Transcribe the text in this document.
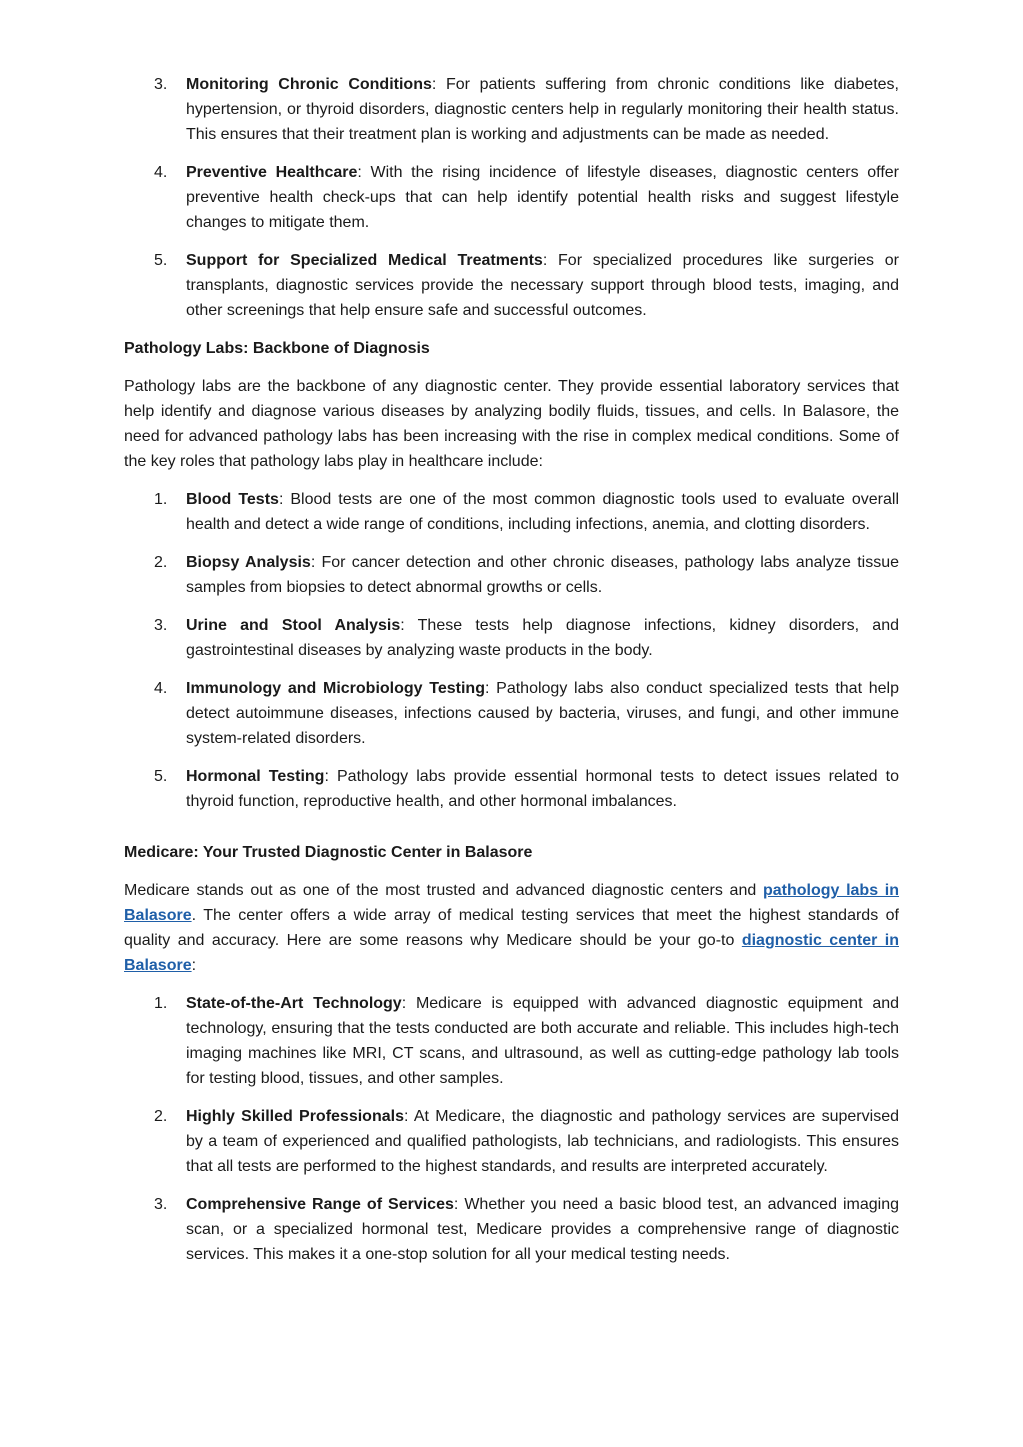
3. Monitoring Chronic Conditions: For patients suffering from chronic conditions like diabetes, hypertension, or thyroid disorders, diagnostic centers help in regularly monitoring their health status. This ensures that their treatment plan is working and adjustments can be made as needed.
4. Preventive Healthcare: With the rising incidence of lifestyle diseases, diagnostic centers offer preventive health check-ups that can help identify potential health risks and suggest lifestyle changes to mitigate them.
5. Support for Specialized Medical Treatments: For specialized procedures like surgeries or transplants, diagnostic services provide the necessary support through blood tests, imaging, and other screenings that help ensure safe and successful outcomes.

Pathology Labs: Backbone of Diagnosis

Pathology labs are the backbone of any diagnostic center. They provide essential laboratory services that help identify and diagnose various diseases by analyzing bodily fluids, tissues, and cells. In Balasore, the need for advanced pathology labs has been increasing with the rise in complex medical conditions. Some of the key roles that pathology labs play in healthcare include:

1. Blood Tests: Blood tests are one of the most common diagnostic tools used to evaluate overall health and detect a wide range of conditions, including infections, anemia, and clotting disorders.
2. Biopsy Analysis: For cancer detection and other chronic diseases, pathology labs analyze tissue samples from biopsies to detect abnormal growths or cells.
3. Urine and Stool Analysis: These tests help diagnose infections, kidney disorders, and gastrointestinal diseases by analyzing waste products in the body.
4. Immunology and Microbiology Testing: Pathology labs also conduct specialized tests that help detect autoimmune diseases, infections caused by bacteria, viruses, and fungi, and other immune system-related disorders.
5. Hormonal Testing: Pathology labs provide essential hormonal tests to detect issues related to thyroid function, reproductive health, and other hormonal imbalances.

Medicare: Your Trusted Diagnostic Center in Balasore

Medicare stands out as one of the most trusted and advanced diagnostic centers and pathology labs in Balasore. The center offers a wide array of medical testing services that meet the highest standards of quality and accuracy. Here are some reasons why Medicare should be your go-to diagnostic center in Balasore:

1. State-of-the-Art Technology: Medicare is equipped with advanced diagnostic equipment and technology, ensuring that the tests conducted are both accurate and reliable. This includes high-tech imaging machines like MRI, CT scans, and ultrasound, as well as cutting-edge pathology lab tools for testing blood, tissues, and other samples.
2. Highly Skilled Professionals: At Medicare, the diagnostic and pathology services are supervised by a team of experienced and qualified pathologists, lab technicians, and radiologists. This ensures that all tests are performed to the highest standards, and results are interpreted accurately.
3. Comprehensive Range of Services: Whether you need a basic blood test, an advanced imaging scan, or a specialized hormonal test, Medicare provides a comprehensive range of diagnostic services. This makes it a one-stop solution for all your medical testing needs.
